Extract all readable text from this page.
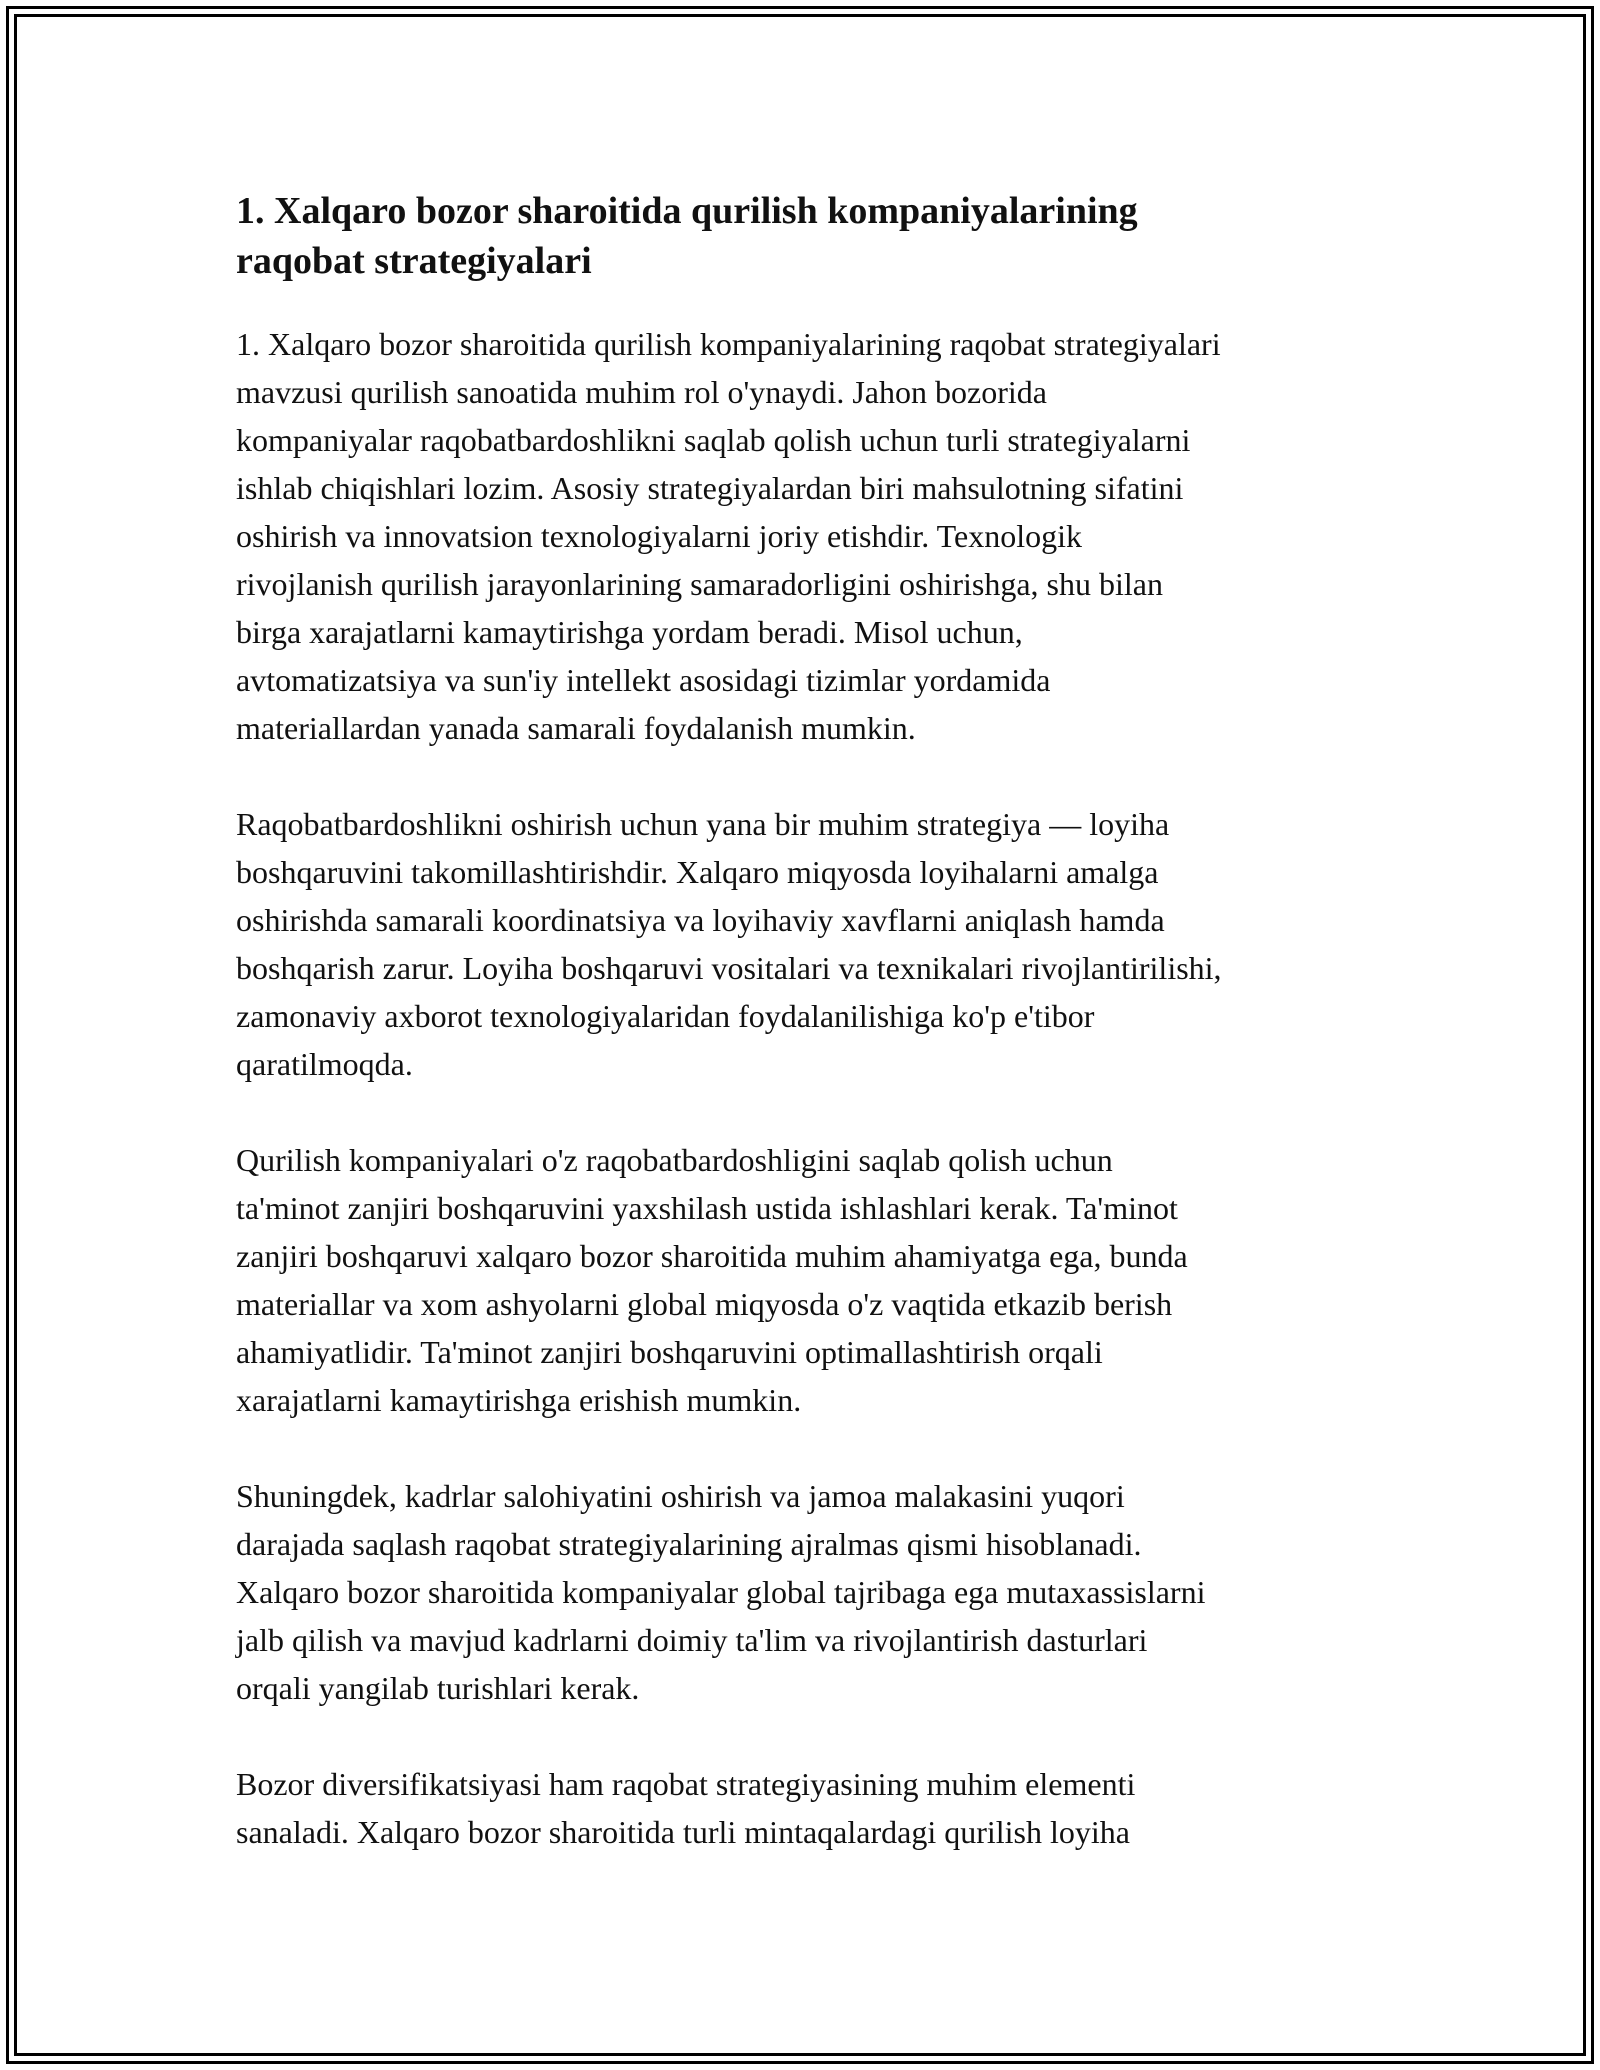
1. Xalqaro bozor sharoitida qurilish kompaniyalarining
raqobat strategiyalari

1. Xalqaro bozor sharoitida qurilish kompaniyalarining raqobat strategiyalari
mavzusi qurilish sanoatida muhim rol o'ynaydi. Jahon bozorida
kompaniyalar raqobatbardoshlikni saqlab qolish uchun turli strategiyalarni
ishlab chiqishlari lozim. Asosiy strategiyalardan biri mahsulotning sifatini
oshirish va innovatsion texnologiyalarni joriy etishdir. Texnologik
rivojlanish qurilish jarayonlarining samaradorligini oshirishga, shu bilan
birga xarajatlarni kamaytirishga yordam beradi. Misol uchun,
avtomatizatsiya va sun'iy intellekt asosidagi tizimlar yordamida
materiallardan yanada samarali foydalanish mumkin.

Raqobatbardoshlikni oshirish uchun yana bir muhim strategiya — loyiha
boshqaruvini takomillashtirishdir. Xalqaro miqyosda loyihalarni amalga
oshirishda samarali koordinatsiya va loyihaviy xavflarni aniqlash hamda
boshqarish zarur. Loyiha boshqaruvi vositalari va texnikalari rivojlantirilishi,
zamonaviy axborot texnologiyalaridan foydalanilishiga ko'p e'tibor
qaratilmoqda.

Qurilish kompaniyalari o'z raqobatbardoshligini saqlab qolish uchun
ta'minot zanjiri boshqaruvini yaxshilash ustida ishlashlari kerak. Ta'minot
zanjiri boshqaruvi xalqaro bozor sharoitida muhim ahamiyatga ega, bunda
materiallar va xom ashyolarni global miqyosda o'z vaqtida etkazib berish
ahamiyatlidir. Ta'minot zanjiri boshqaruvini optimallashtirish orqali
xarajatlarni kamaytirishga erishish mumkin.

Shuningdek, kadrlar salohiyatini oshirish va jamoa malakasini yuqori
darajada saqlash raqobat strategiyalarining ajralmas qismi hisoblanadi.
Xalqaro bozor sharoitida kompaniyalar global tajribaga ega mutaxassislarni
jalb qilish va mavjud kadrlarni doimiy ta'lim va rivojlantirish dasturlari
orqali yangilab turishlari kerak.

Bozor diversifikatsiyasi ham raqobat strategiyasining muhim elementi
sanaladi. Xalqaro bozor sharoitida turli mintaqalardagi qurilish loyiha
